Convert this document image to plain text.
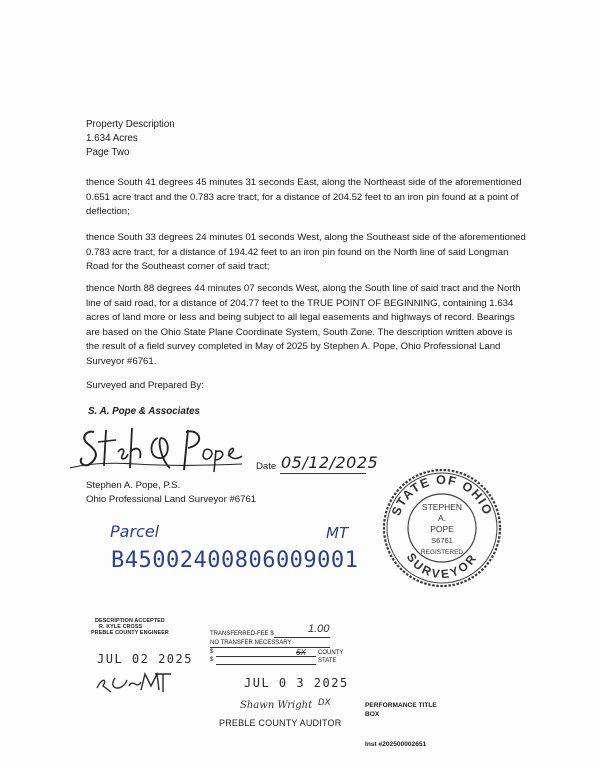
Property Description
1.634 Acres
Page Two
thence South 41 degrees 45 minutes 31 seconds East, along the Northeast side of the aforementioned 0.651 acre tract and the 0.783 acre tract, for a distance of 204.52 feet to an iron pin found at a point of deflection;
thence South 33 degrees 24 minutes 01 seconds West, along the Southeast side of the aforementioned 0.783 acre tract, for a distance of 194.42 feet to an iron pin found on the North line of said Longman Road for the Southeast corner of said tract;
thence North 88 degrees 44 minutes 07 seconds West, along the South line of said tract and the North line of said road, for a distance of 204.77 feet to the TRUE POINT OF BEGINNING, containing 1.634 acres of land more or less and being subject to all legal easements and highways of record. Bearings are based on the Ohio State Plane Coordinate System, South Zone. The description written above is the result of a field survey completed in May of 2025 by Stephen A. Pope, Ohio Professional Land Surveyor #6761.
Surveyed and Prepared By:
S. A. Pope & Associates
Date 05/12/2025
Stephen A. Pope, P.S.
Ohio Professional Land Surveyor #6761
STATE OF OHIO
SURVEYOR
STEPHEN
A.
POPE
S6761
REGISTERED
Parcel	MT
B45002400806009001
DESCRIPTION ACCEPTED
R. KYLE CROSS
PREBLE COUNTY ENGINEER
JUL 02 2025
TRANSFERRED-FEE $	1.00
NO TRANSFER NECESSARY
$	6X COUNTY
$	STATE
JUL 0 3 2025
Shawn Wright DX
PREBLE COUNTY AUDITOR
PERFORMANCE TITLE
BOX
Inst #202500002651
